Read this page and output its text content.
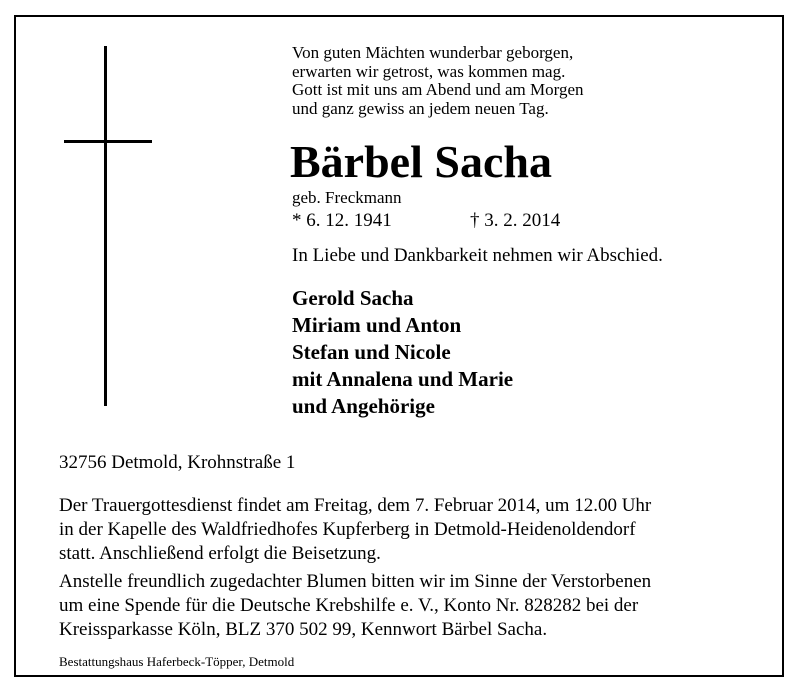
Von guten Mächten wunderbar geborgen,
erwarten wir getrost, was kommen mag.
Gott ist mit uns am Abend und am Morgen
und ganz gewiss an jedem neuen Tag.
Bärbel Sacha
geb. Freckmann
* 6. 12. 1941	† 3. 2. 2014
In Liebe und Dankbarkeit nehmen wir Abschied.
Gerold Sacha
Miriam und Anton
Stefan und Nicole
mit Annalena und Marie
und Angehörige
32756 Detmold, Krohnstraße 1
Der Trauergottesdienst findet am Freitag, dem 7. Februar 2014, um 12.00 Uhr
in der Kapelle des Waldfriedhofes Kupferberg in Detmold-Heidenoldendorf
statt. Anschließend erfolgt die Beisetzung.
Anstelle freundlich zugedachter Blumen bitten wir im Sinne der Verstorbenen
um eine Spende für die Deutsche Krebshilfe e. V., Konto Nr. 828282 bei der
Kreissparkasse Köln, BLZ 370 502 99, Kennwort Bärbel Sacha.
Bestattungshaus Haferbeck-Töpper, Detmold
